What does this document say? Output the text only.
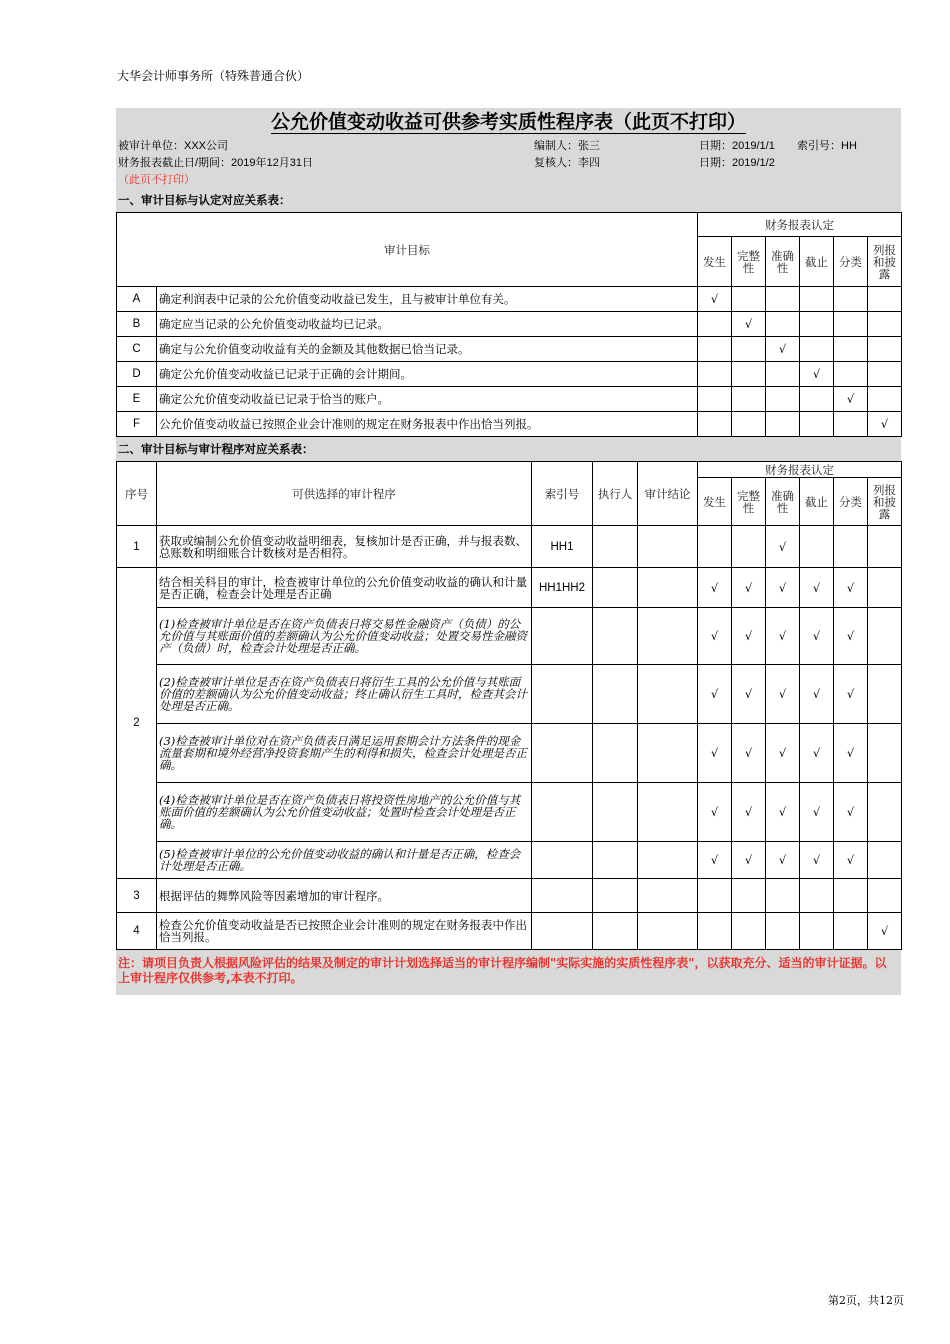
大华会计师事务所（特殊普通合伙）
公允价值变动收益可供参考实质性程序表（此页不打印）
被审计单位：XXX公司
财务报表截止日/期间：2019年12月31日
（此页不打印）
编制人：张三
复核人：李四
日期：2019/1/1
日期：2019/1/2
索引号：HH
一、审计目标与认定对应关系表：
审计目标		财务报表认定					
		发生	完整性	准确性	截止	分类	列报和披露
A	确定利润表中记录的公允价值变动收益已发生，且与被审计单位有关。	√					
B	确定应当记录的公允价值变动收益均已记录。		√				
C	确定与公允价值变动收益有关的金额及其他数据已恰当记录。			√			
D	确定公允价值变动收益已记录于正确的会计期间。				√		
E	确定公允价值变动收益已记录于恰当的账户。					√	
F	公允价值变动收益已按照企业会计准则的规定在财务报表中作出恰当列报。						√
二、审计目标与审计程序对应关系表：
序号	可供选择的审计程序	索引号	执行人	审计结论	财务报表认定					
					发生	完整性	准确性	截止	分类	列报和披露
1	获取或编制公允价值变动收益明细表，复核加计是否正确，并与报表数、总账数和明细账合计数核对是否相符。	HH1					√			
2	结合相关科目的审计，检查被审计单位的公允价值变动收益的确认和计量是否正确，检查会计处理是否正确	HH1HH2			√	√	√	√	√	
	(1)检查被审计单位是否在资产负债表日将交易性金融资产（负债）的公允价值与其账面价值的差额确认为公允价值变动收益；处置交易性金融资产（负债）时，检查会计处理是否正确。				√	√	√	√	√	
	(2)检查被审计单位是否在资产负债表日将衍生工具的公允价值与其账面价值的差额确认为公允价值变动收益；终止确认衍生工具时，检查其会计处理是否正确。				√	√	√	√	√	
	(3)检查被审计单位对在资产负债表日满足运用套期会计方法条件的现金流量套期和境外经营净投资套期产生的利得和损失，检查会计处理是否正确。				√	√	√	√	√	
	(4)检查被审计单位是否在资产负债表日将投资性房地产的公允价值与其账面价值的差额确认为公允价值变动收益；处置时检查会计处理是否正确。				√	√	√	√	√	
	(5)检查被审计单位的公允价值变动收益的确认和计量是否正确，检查会计处理是否正确。				√	√	√	√	√	
3	根据评估的舞弊风险等因素增加的审计程序。									
4	检查公允价值变动收益是否已按照企业会计准则的规定在财务报表中作出恰当列报。									√
注：请项目负责人根据风险评估的结果及制定的审计计划选择适当的审计程序编制"实际实施的实质性程序表"，以获取充分、适当的审计证据。以上审计程序仅供参考,本表不打印。
第2页，共12页
